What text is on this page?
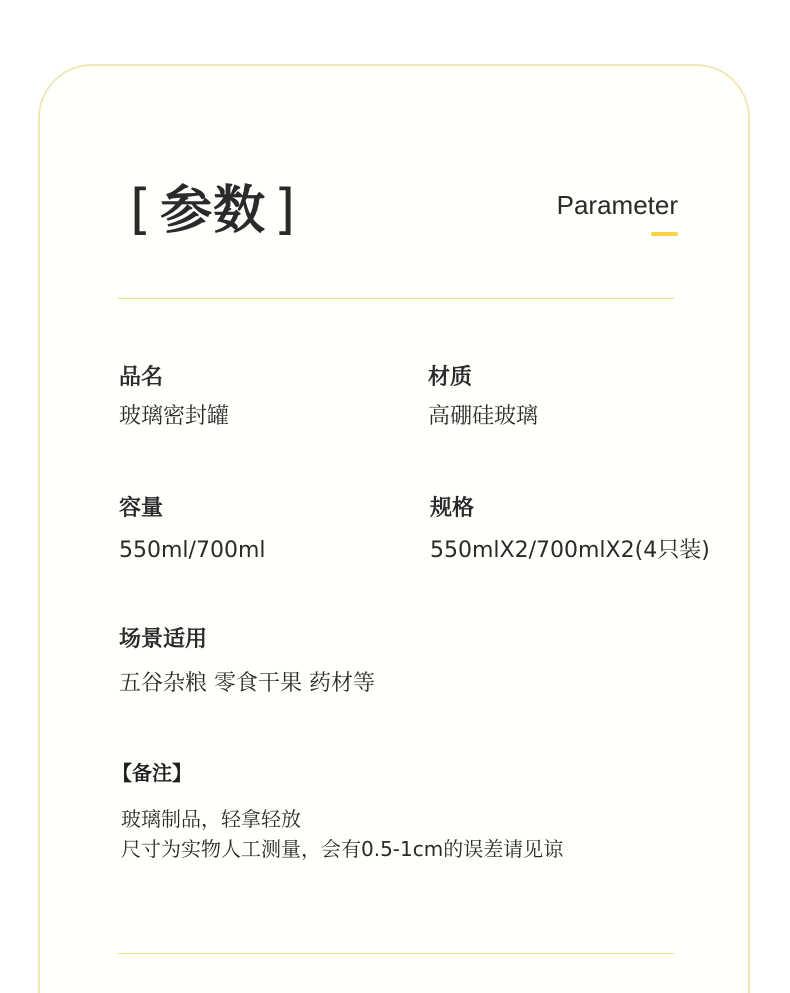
[ 参数 ]	Parameter
品名
玻璃密封罐
材质
高硼硅玻璃
容量
550ml/700ml
规格
550mlX2/700mlX2(4只装)
场景适用
五谷杂粮 零食干果 药材等
【备注】
玻璃制品，轻拿轻放
尺寸为实物人工测量，会有0.5-1cm的误差请见谅
